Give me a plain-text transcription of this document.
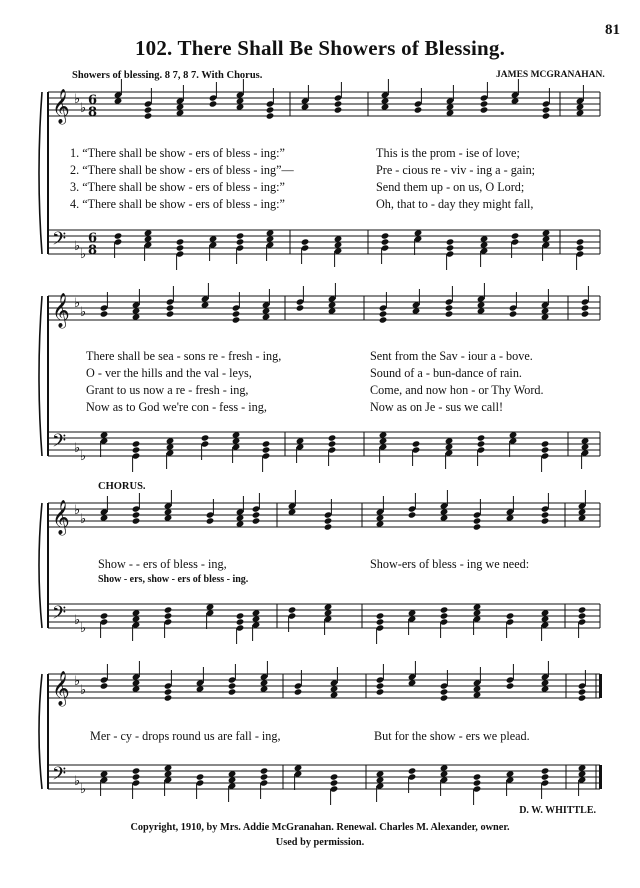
81
102. There Shall Be Showers of Blessing.
Showers of blessing. 8 7, 8 7. With Chorus.	JAMES MCGRANAHAN.
𝄞 ♭
♭
6
8
𝄢 ♭
♭
6
8
𝄞 ♭
♭
𝄢 ♭
♭
𝄞 ♭
♭
𝄢 ♭
♭
𝄞 ♭
♭
𝄢 ♭
♭
1. “There shall be show - ers of bless - ing:”	This is the prom - ise of love;
2. “There shall be show - ers of bless - ing”—	Pre - cious re - viv - ing a - gain;
3. “There shall be show - ers of bless - ing:”	Send them up - on us, O Lord;
4. “There shall be show - ers of bless - ing:”	Oh, that to - day they might fall,
There shall be sea - sons re - fresh - ing,	Sent from the Sav - iour a - bove.
O - ver the hills and the val - leys,	Sound of a - bun-dance of rain.
Grant to us now a re - fresh - ing,	Come, and now hon - or Thy Word.
Now as to God we're con - fess - ing,	Now as on Je - sus we call!
CHORUS.
Show - - ers of bless - ing,	Show-ers of bless - ing we need:
Show - ers, show - ers of bless - ing.
Mer - cy - drops round us are fall - ing,	But for the show - ers we plead.
D. W. WHITTLE.
Copyright, 1910, by Mrs. Addie McGranahan. Renewal. Charles M. Alexander, owner.
Used by permission.
